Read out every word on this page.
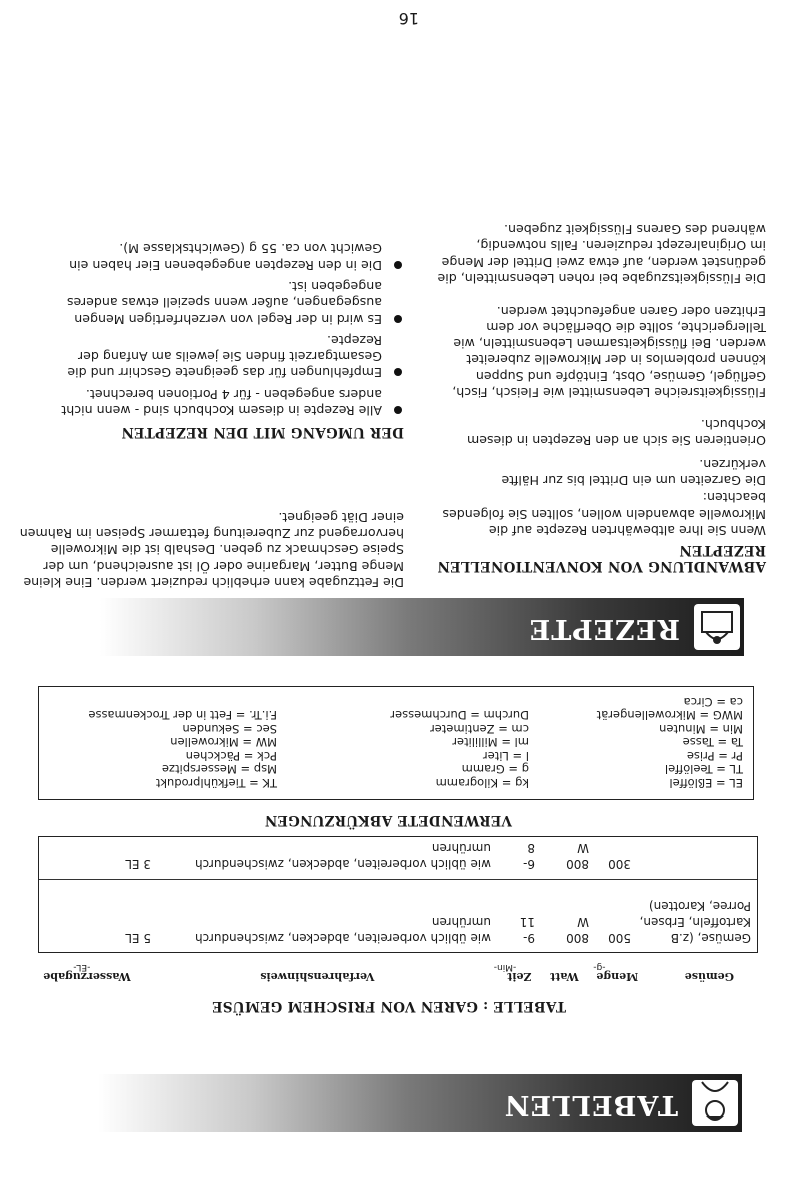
16
TABELLEN
TABELLE : GAREN VON FRISCHEM GEMÜSE
Gemüse
Menge
Watt
Zeit
Verfahrenshinweis
Wasserzugabe
-g-
-Min-
-EL-
Gemüse, (z.B Kartoffeln, Erbsen, Porree, Karotten)
500
800 W
9-11
wie üblich vorbereiten, abdecken, zwischendurch umrühren
5 EL
300
800 W
6-8
wie üblich vorbereiten, abdecken, zwischendurch umrühren
3 EL
VERWENDETE ABKÜRZUNGEN
EL = Eßlöffel
TL = Teelöffel
Pr = Prise
Ta = Tasse
Min = Minuten
MWG = Mikrowellengerät
ca = Circa
kg = Kilogramm
g = Gramm
l = Liter
ml = Milliliter
cm = Zentimeter
Durchm = Durchmesser
TK = Tiefkühlprodukt
Msp = Messerspitze
Pck = Päckchen
MW = Mikrowellen
Sec = Sekunden
F.i.Tr. = Fett in der Trockenmasse
REZEPTE
ABWANDLUNG VON KONVENTIONELLEN
REZEPTEN

Wenn Sie Ihre altbewährten Rezepte auf die Mikrowelle abwandeln wollen, sollten Sie folgendes beachten:

Die Garzeiten um ein Drittel bis zur Hälfte verkürzen.

Orientieren Sie sich an den Rezepten in diesem Kochbuch.

Flüssigkeitsreiche Lebensmittel wie Fleisch, Fisch, Geflügel, Gemüse, Obst, Eintöpfe und Suppen können problemlos in der Mikrowelle zubereitet werden. Bei flüssigkeitsarmen Lebensmitteln, wie Tellergerichte, sollte die Oberfläche vor dem Erhitzen oder Garen angefeuchtet werden.

Die Flüssigkeitszugabe bei rohen Lebensmitteln, die gedünstet werden, auf etwa zwei Drittel der Menge im Originalrezept reduzieren. Falls notwendig, während des Garens Flüssigkeit zugeben.

Die Fettzugabe kann erheblich reduziert werden. Eine kleine Menge Butter, Margarine oder Öl ist ausreichend, um der Speise Geschmack zu geben. Deshalb ist die Mikrowelle hervorragend zur Zubereitung fettarmer Speisen im Rahmen einer Diät geeignet.

DER UMGANG MIT DEN REZEPTEN
Alle Rezepte in diesem Kochbuch sind - wenn nicht anders angegeben - für 4 Portionen berechnet.
Empfehlungen für das geeignete Geschirr und die Gesamtgarzeit finden Sie jeweils am Anfang der Rezepte.
Es wird in der Regel von verzehrfertigen Mengen ausgegangen, außer wenn speziell etwas anderes angegeben ist.
Die in den Rezepten angegebenen Eier haben ein Gewicht von ca. 55 g (Gewichtsklasse M).
